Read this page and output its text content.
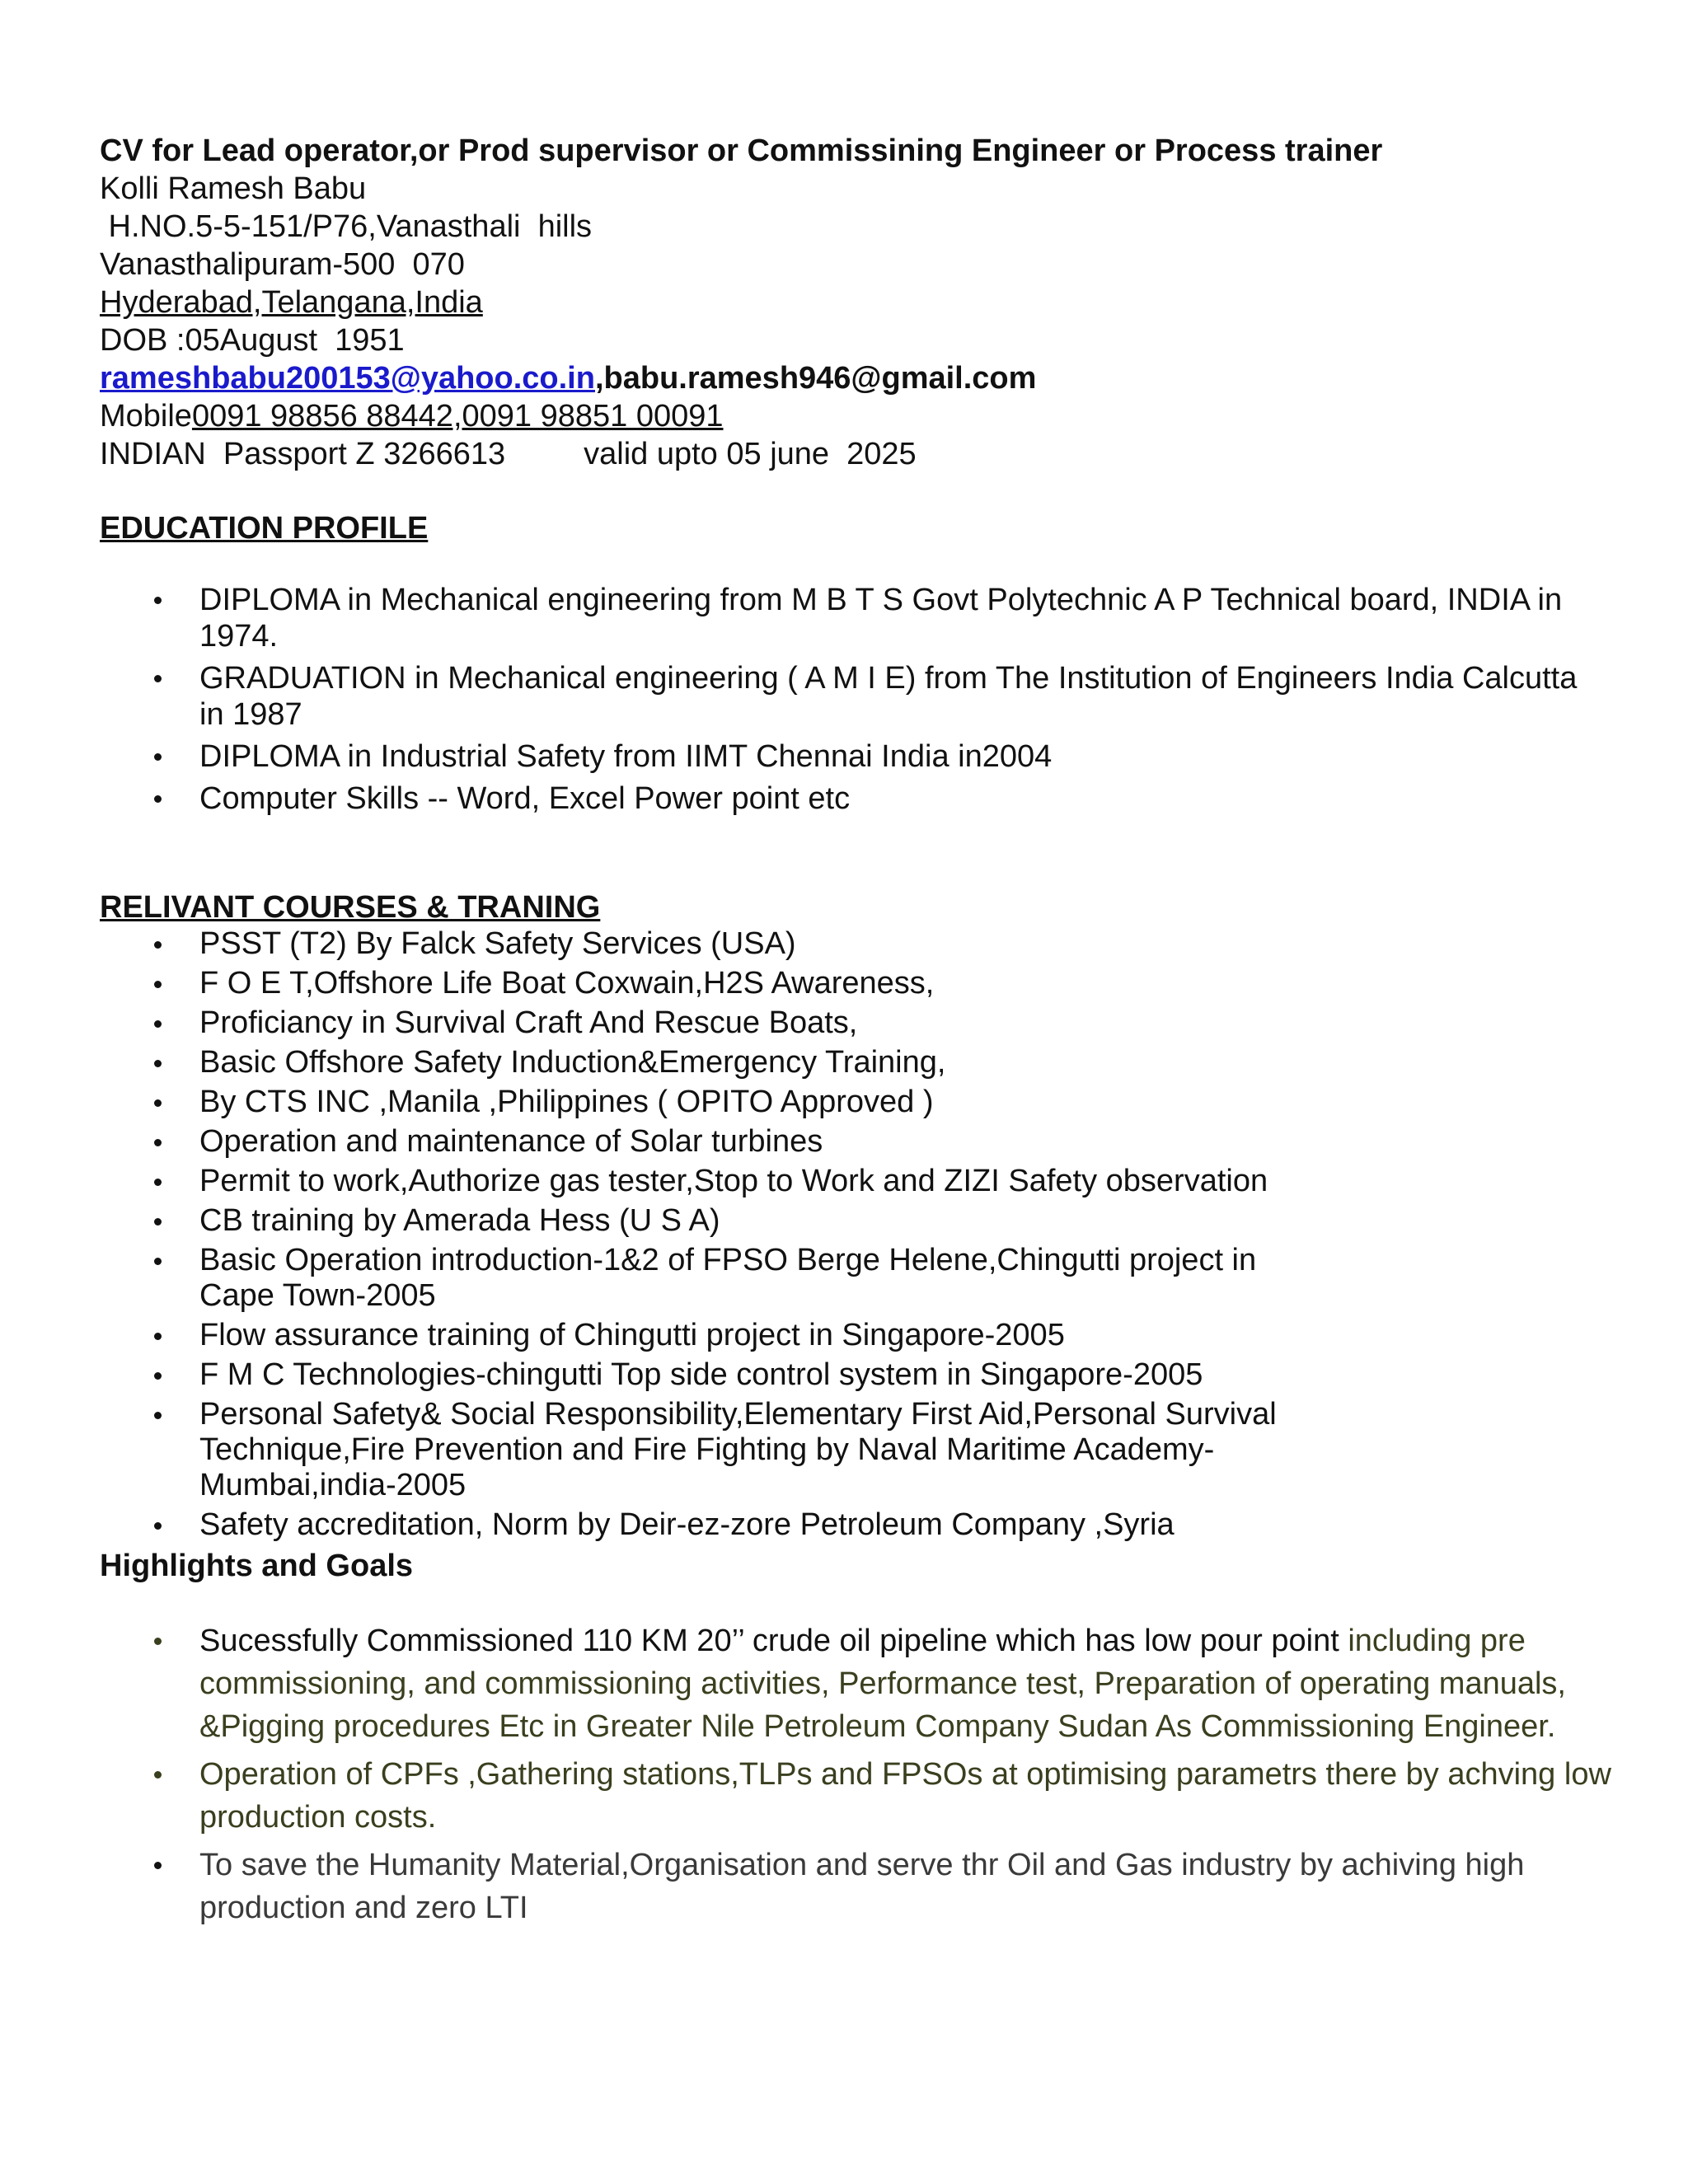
CV for Lead operator,or Prod supervisor or Commissining Engineer or Process trainer

Kolli Ramesh Babu

H.NO.5-5-151/P76,Vanasthali  hills

Vanasthalipuram-500  070

Hyderabad,Telangana,India

DOB :05August  1951

rameshbabu200153@yahoo.co.in,babu.ramesh946@gmail.com

Mobile0091 98856 88442,0091 98851 00091

INDIAN  Passport Z 3266613         valid upto 05 june  2025

EDUCATION PROFILE

DIPLOMA in Mechanical engineering from M B T S Govt Polytechnic A P Technical board, INDIA in 1974.
GRADUATION in Mechanical engineering ( A M I E) from The Institution of Engineers India Calcutta in 1987
DIPLOMA in Industrial Safety from IIMT Chennai India in2004
Computer Skills -- Word, Excel Power point etc

RELIVANT COURSES & TRANING

PSST (T2) By Falck Safety Services (USA)
F O E T,Offshore Life Boat Coxwain,H2S Awareness,
Proficiancy in Survival Craft And Rescue Boats,
Basic Offshore Safety Induction&Emergency Training,
By CTS INC ,Manila ,Philippines ( OPITO Approved )
Operation and maintenance of Solar turbines
Permit to work,Authorize gas tester,Stop to Work and ZIZI Safety observation
CB training by Amerada Hess (U S A)
Basic Operation introduction-1&2 of FPSO Berge Helene,Chingutti project in Cape Town-2005
Flow assurance training of Chingutti project in Singapore-2005
F M C Technologies-chingutti Top side control system in Singapore-2005
Personal Safety& Social Responsibility,Elementary First Aid,Personal Survival Technique,Fire Prevention and Fire Fighting by Naval Maritime Academy-Mumbai,india-2005
Safety accreditation, Norm by Deir-ez-zore Petroleum Company ,Syria

Highlights and Goals

Sucessfully Commissioned 110 KM 20’’ crude oil pipeline which has low pour point including pre commissioning, and commissioning activities, Performance test, Preparation of operating manuals, &Pigging procedures Etc in Greater Nile Petroleum Company Sudan As Commissioning Engineer.
Operation of CPFs ,Gathering stations,TLPs and FPSOs at optimising parametrs there by achving low production costs.
To save the Humanity Material,Organisation and serve thr Oil and Gas industry by achiving high production and zero LTI
